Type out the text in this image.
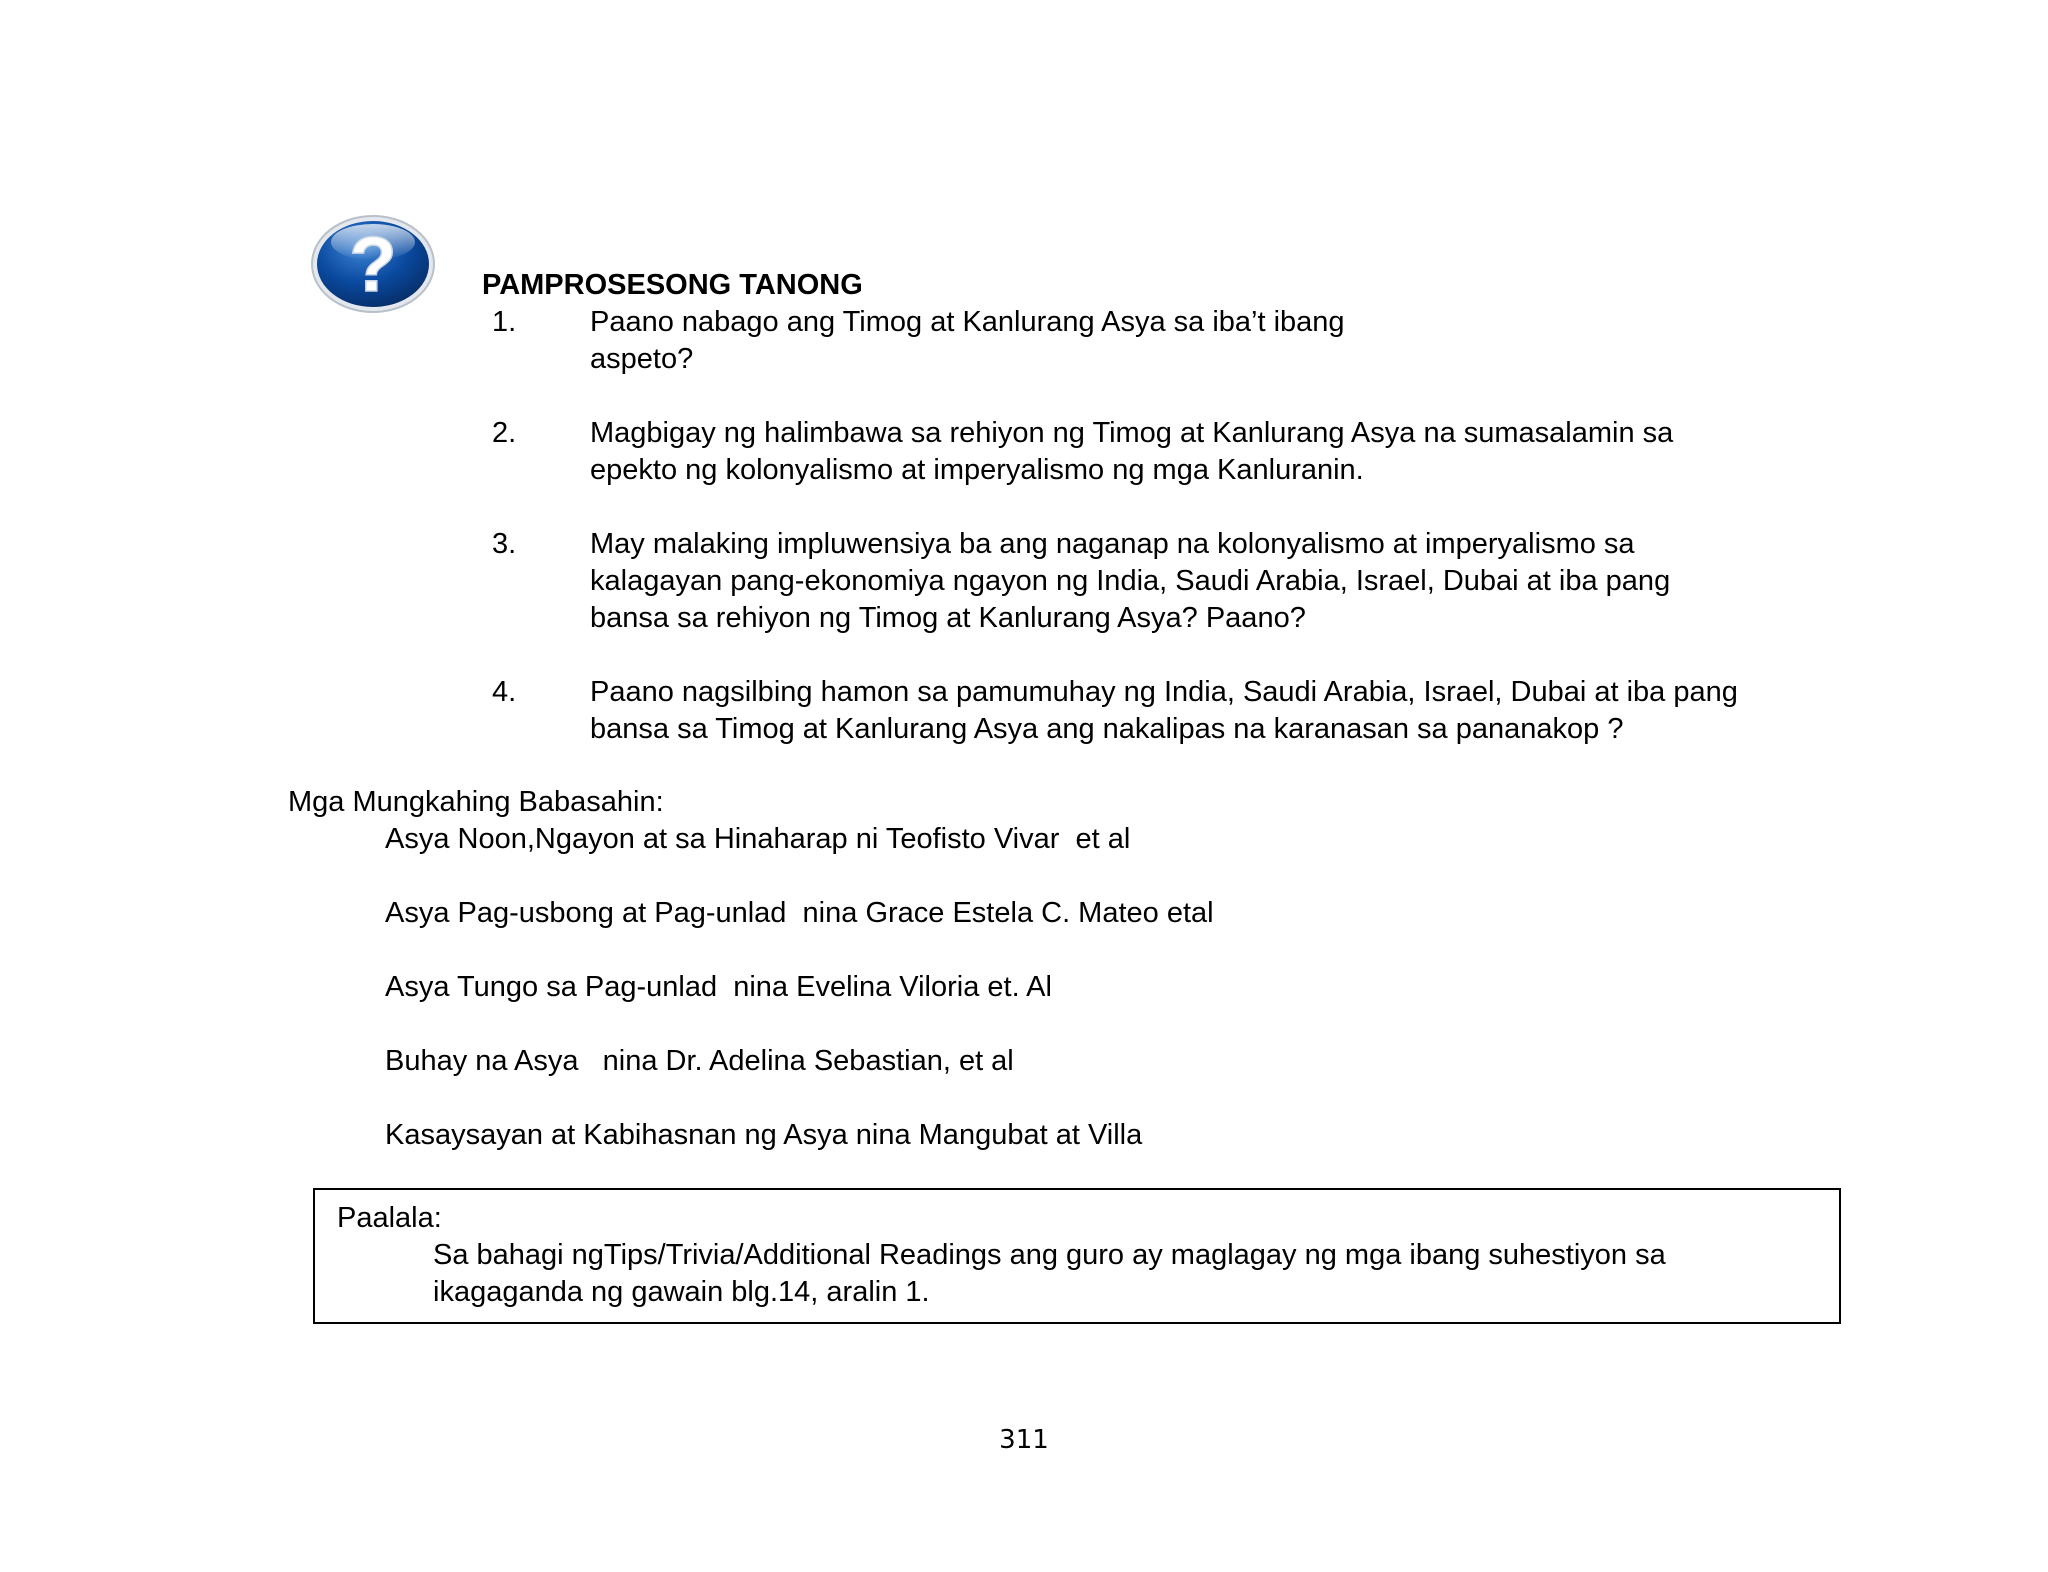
?	PAMPROSESONG TANONG
1.	Paano nabago ang Timog at Kanlurang Asya sa iba’t ibang
aspeto?
2.	Magbigay ng halimbawa sa rehiyon ng Timog at Kanlurang Asya na sumasalamin sa
epekto ng kolonyalismo at imperyalismo ng mga Kanluranin.
3.	May malaking impluwensiya ba ang naganap na kolonyalismo at imperyalismo sa
kalagayan pang-ekonomiya ngayon ng India, Saudi Arabia, Israel, Dubai at iba pang
bansa sa rehiyon ng Timog at Kanlurang Asya? Paano?
4.	Paano nagsilbing hamon sa pamumuhay ng India, Saudi Arabia, Israel, Dubai at iba pang
bansa sa Timog at Kanlurang Asya ang nakalipas na karanasan sa pananakop ?
Mga Mungkahing Babasahin:
Asya Noon,Ngayon at sa Hinaharap ni Teofisto Vivar  et al
Asya Pag-usbong at Pag-unlad  nina Grace Estela C. Mateo etal
Asya Tungo sa Pag-unlad  nina Evelina Viloria et. Al
Buhay na Asya   nina Dr. Adelina Sebastian, et al
Kasaysayan at Kabihasnan ng Asya nina Mangubat at Villa
Paalala:
Sa bahagi ngTips/Trivia/Additional Readings ang guro ay maglagay ng mga ibang suhestiyon sa
ikagaganda ng gawain blg.14, aralin 1.
311
